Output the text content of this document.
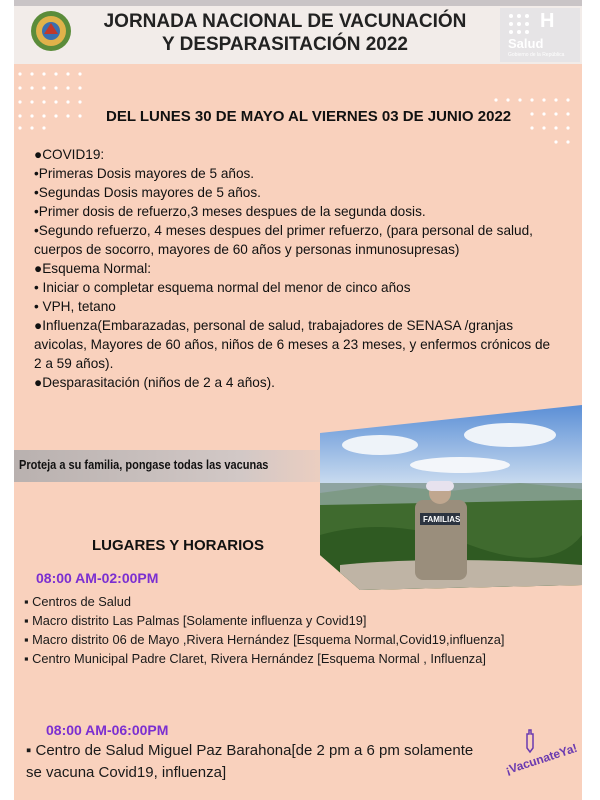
JORNADA NACIONAL DE VACUNACIÓN
Y DESPARASITACIÓN 2022
H
Salud
Gobierno de la República
DEL LUNES 30 DE MAYO AL VIERNES 03 DE JUNIO 2022

●COVID19:

•Primeras Dosis mayores de 5 años.

•Segundas Dosis mayores de 5 años.

•Primer dosis de refuerzo,3 meses despues de la segunda dosis.

•Segundo refuerzo, 4 meses despues del primer refuerzo, (para personal de salud, cuerpos de socorro, mayores de 60 años y personas inmunosupresas)

●Esquema Normal:

• Iniciar o completar esquema normal del menor de cinco años

• VPH, tetano

●Influenza(Embarazadas, personal de salud, trabajadores de SENASA /granjas avicolas, Mayores de 60 años, niños de 6 meses a 23 meses, y enfermos crónicos de 2 a 59 años).

●Desparasitación (niños de 2 a 4 años).

Proteja a su familia, pongase todas las vacunas
FAMILIAS
LUGARES Y HORARIOS
08:00 AM-02:00PM

▪ Centros de Salud

▪ Macro distrito Las Palmas [Solamente influenza y Covid19]

▪ Macro distrito 06 de Mayo ,Rivera Hernández [Esquema Normal,Covid19,influenza]

▪ Centro Municipal Padre Claret, Rivera Hernández [Esquema Normal , Influenza]

08:00 AM-06:00PM

▪ Centro de Salud Miguel Paz Barahona[de 2 pm a 6 pm solamente se vacuna Covid19, influenza]	¡VacunateYa!
